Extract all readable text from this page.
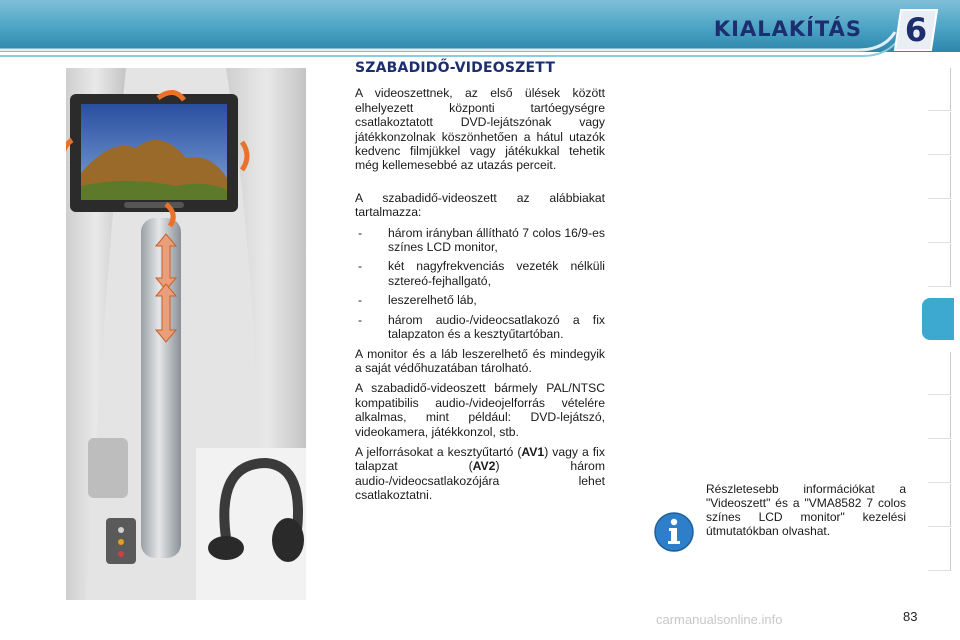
KIALAKÍTÁS	6
SZABADIDŐ-VIDEOSZETT

A videoszettnek, az első ülések között elhelyezett központi tartóegységre csatlakoztatott DVD-lejátszónak vagy játékkonzolnak köszönhetően a hátul utazók kedvenc filmjükkel vagy játékukkal tehetik még kellemesebbé az utazás perceit.

A szabadidő-videoszett az alábbiakat tartalmazza:

- három irányban állítható 7 colos 16/9-es színes LCD monitor,
- két nagyfrekvenciás vezeték nélküli sztereó-fejhallgató,
- leszerelhető láb,
- három audio-/videocsatlakozó a fix talapzaton és a kesztyűtartóban.

A monitor és a láb leszerelhető és mindegyik a saját védőhuzatában tárolható.

A szabadidő-videoszett bármely PAL/NTSC kompatibilis audio-/videojelforrás vételére alkalmas, mint például: DVD-lejátszó, videokamera, játékkonzol, stb.

A jelforrásokat a kesztyűtartó (AV1) vagy a fix talapzat (AV2) három audio-/videocsatlakozójára lehet csatlakoztatni.	Részletesebb információkat a "Videoszett" és a "VMA8582 7 colos színes LCD monitor" kezelési útmutatókban olvashat.
carmanualsonline.info	83
